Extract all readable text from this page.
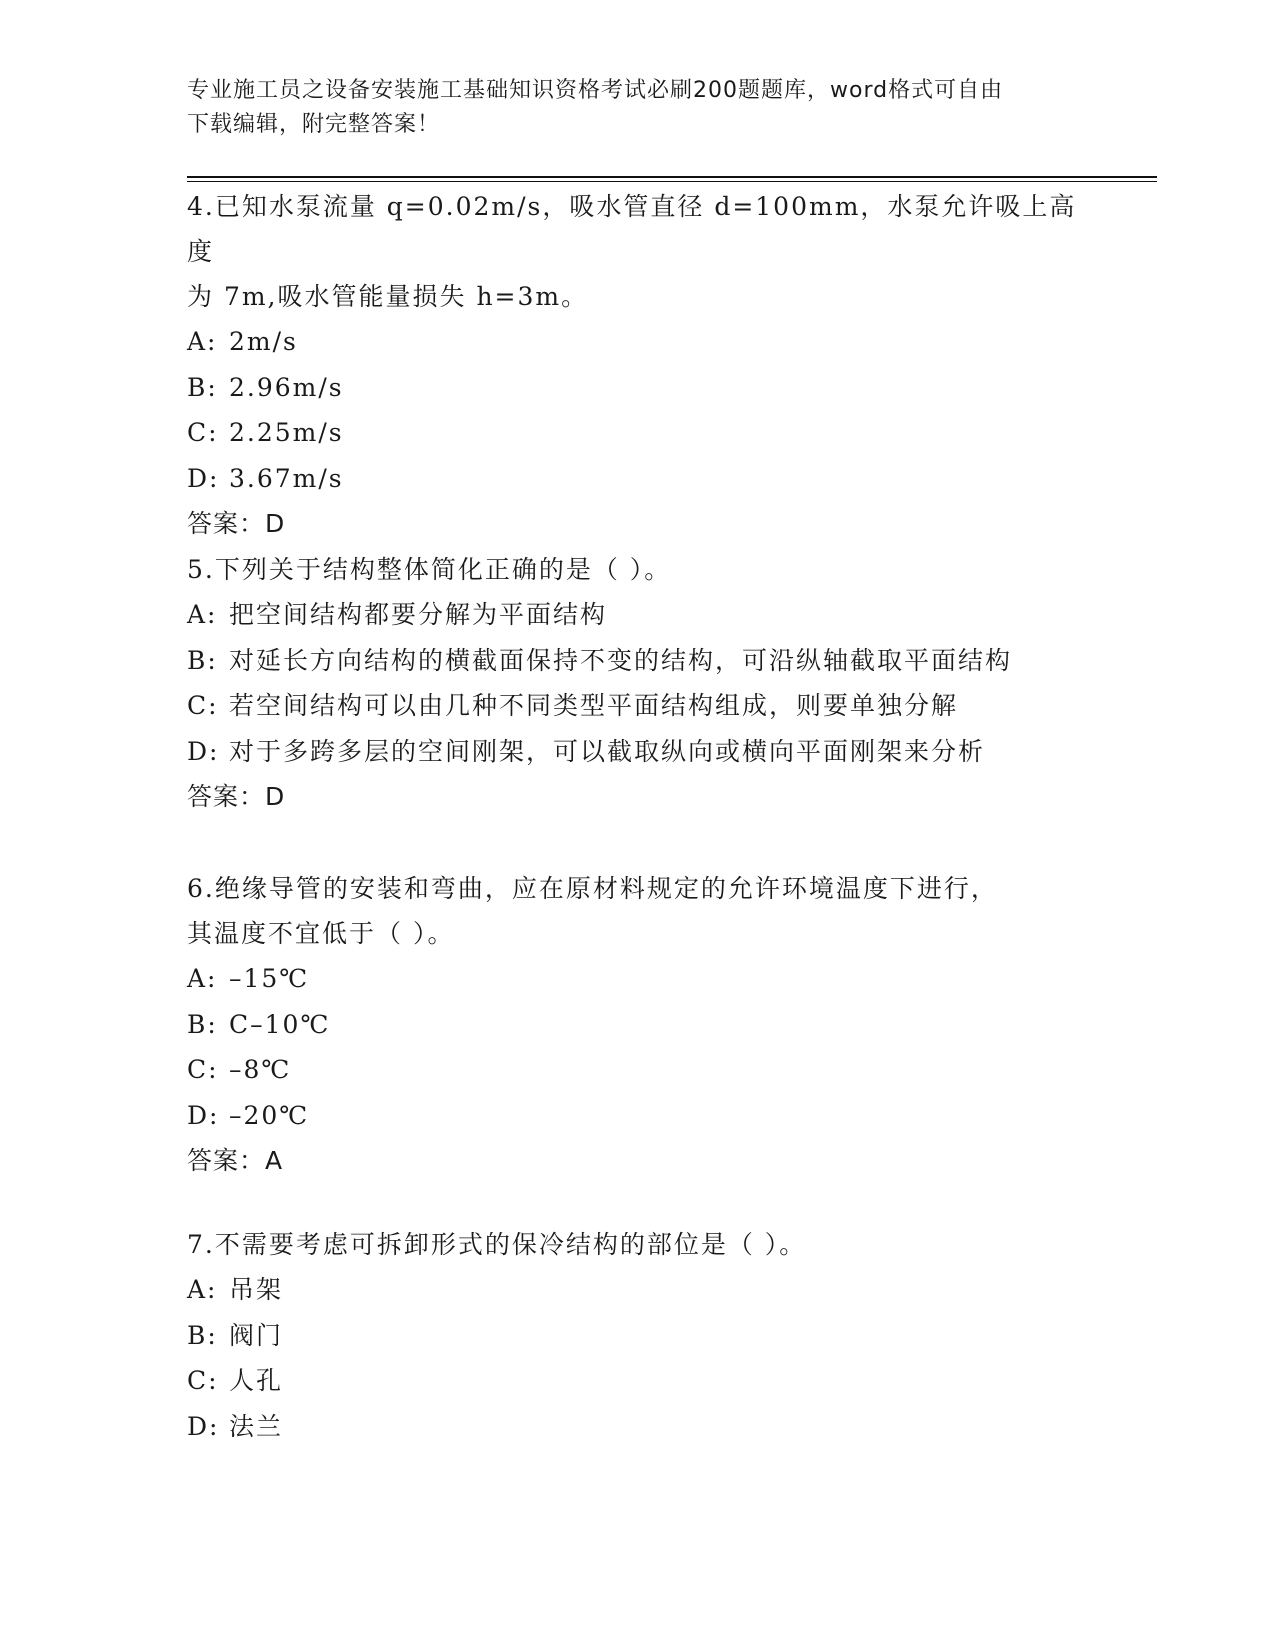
专业施工员之设备安装施工基础知识资格考试必刷200题题库，word格式可自由
下载编辑，附完整答案！
4.已知水泵流量 q=0.02m/s，吸水管直径 d=100mm，水泵允许吸上高度
为 7m,吸水管能量损失 h=3m。
A: 2m/s
B: 2.96m/s
C: 2.25m/s
D: 3.67m/s
答案：D
5.下列关于结构整体简化正确的是（ ）。
A: 把空间结构都要分解为平面结构
B: 对延长方向结构的横截面保持不变的结构，可沿纵轴截取平面结构
C: 若空间结构可以由几种不同类型平面结构组成，则要单独分解
D: 对于多跨多层的空间刚架，可以截取纵向或横向平面刚架来分析
答案：D
6.绝缘导管的安装和弯曲，应在原材料规定的允许环境温度下进行，
其温度不宜低于（ ）。
A: –15℃
B: C–10℃
C: –8℃
D: –20℃
答案：A
7.不需要考虑可拆卸形式的保冷结构的部位是（ ）。
A: 吊架
B: 阀门
C: 人孔
D: 法兰
